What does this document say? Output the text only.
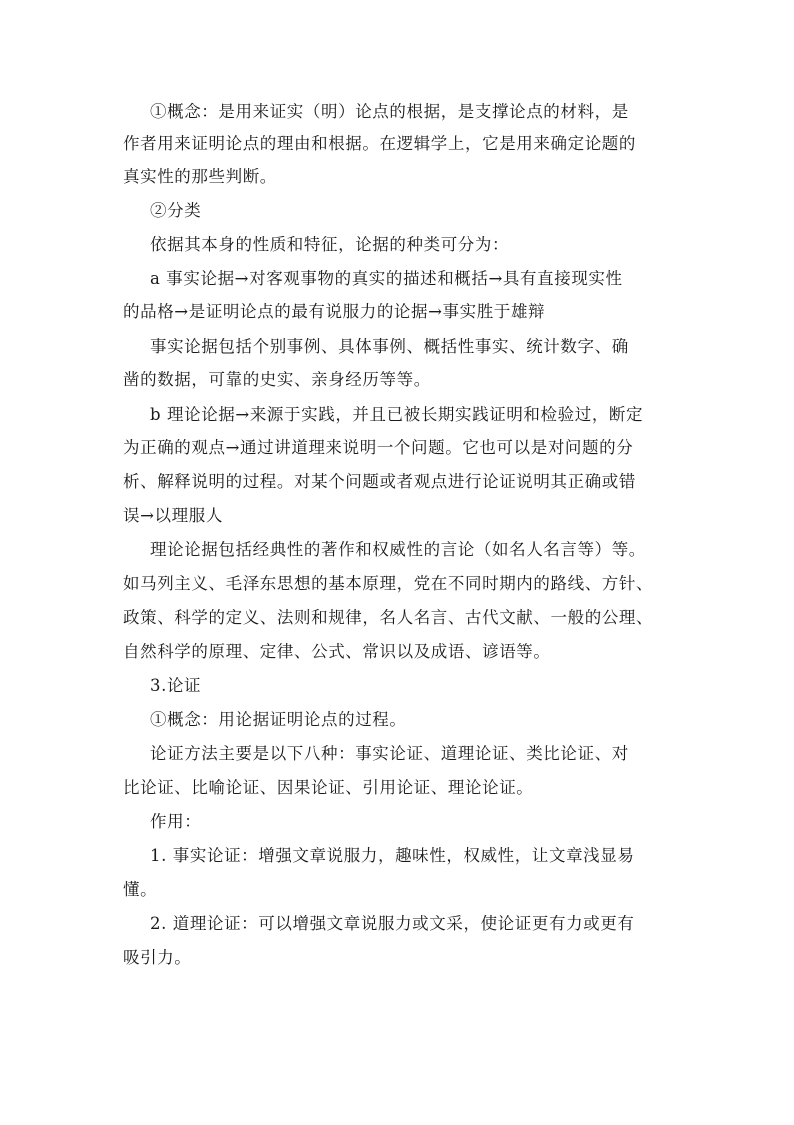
①概念：是用来证实（明）论点的根据，是支撑论点的材料，是
作者用来证明论点的理由和根据。在逻辑学上，它是用来确定论题的
真实性的那些判断。
②分类
依据其本身的性质和特征，论据的种类可分为：
a 事实论据→对客观事物的真实的描述和概括→具有直接现实性
的品格→是证明论点的最有说服力的论据→事实胜于雄辩
事实论据包括个别事例、具体事例、概括性事实、统计数字、确
凿的数据，可靠的史实、亲身经历等等。
b 理论论据→来源于实践，并且已被长期实践证明和检验过，断定
为正确的观点→通过讲道理来说明一个问题。它也可以是对问题的分
析、解释说明的过程。对某个问题或者观点进行论证说明其正确或错
误→以理服人
理论论据包括经典性的著作和权威性的言论（如名人名言等）等。
如马列主义、毛泽东思想的基本原理，党在不同时期内的路线、方针、
政策、科学的定义、法则和规律，名人名言、古代文献、一般的公理、
自然科学的原理、定律、公式、常识以及成语、谚语等。
3.论证
①概念：用论据证明论点的过程。
论证方法主要是以下八种：事实论证、道理论证、类比论证、对
比论证、比喻论证、因果论证、引用论证、理论论证。
作用：
1. 事实论证：增强文章说服力，趣味性，权威性，让文章浅显易
懂。
2. 道理论证：可以增强文章说服力或文采，使论证更有力或更有
吸引力。
